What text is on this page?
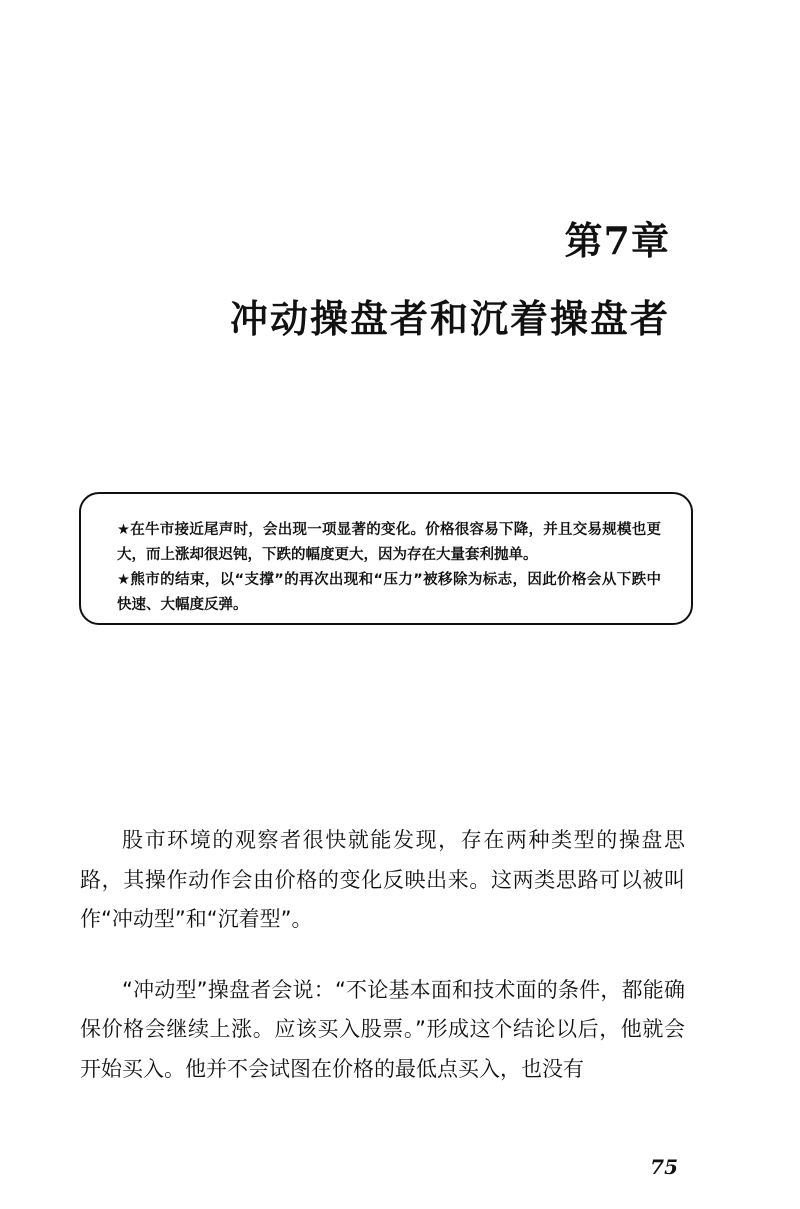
第7章
冲动操盘者和沉着操盘者

★在牛市接近尾声时，会出现一项显著的变化。价格很容易下降，并且交易规模也更大，而上涨却很迟钝，下跌的幅度更大，因为存在大量套利抛单。

★熊市的结束，以“支撑”的再次出现和“压力”被移除为标志，因此价格会从下跌中快速、大幅度反弹。

股市环境的观察者很快就能发现，存在两种类型的操盘思路，其操作动作会由价格的变化反映出来。这两类思路可以被叫作“冲动型”和“沉着型”。

“冲动型”操盘者会说：“不论基本面和技术面的条件，都能确保价格会继续上涨。应该买入股票。”形成这个结论以后，他就会开始买入。他并不会试图在价格的最低点买入，也没有

75
